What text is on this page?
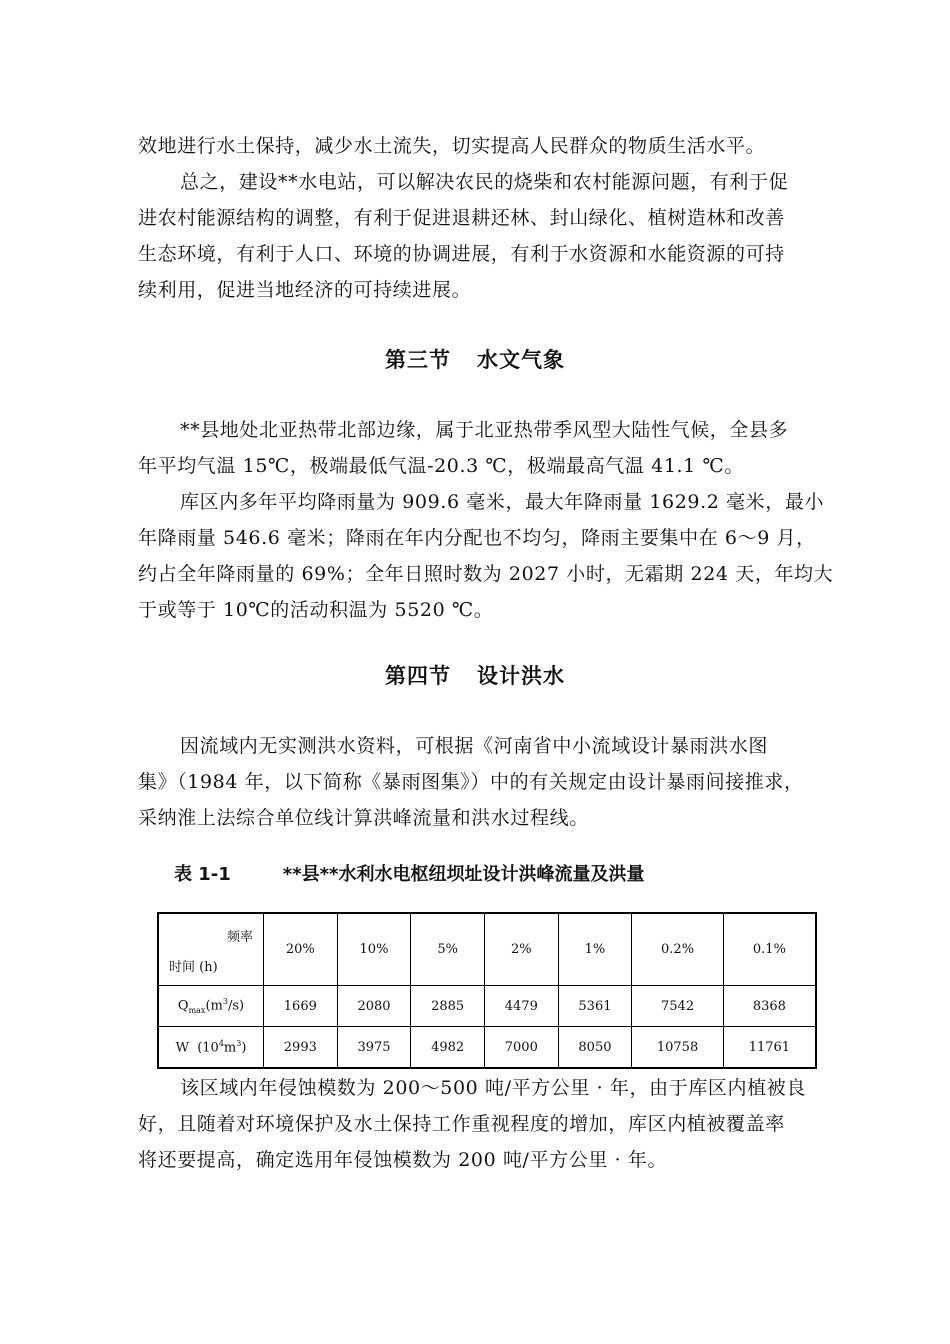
效地进行水土保持，减少水土流失，切实提高人民群众的物质生活水平。
总之，建设**水电站，可以解决农民的烧柴和农村能源问题，有利于促
进农村能源结构的调整，有利于促进退耕还林、封山绿化、植树造林和改善
生态环境，有利于人口、环境的协调进展，有利于水资源和水能资源的可持
续利用，促进当地经济的可持续进展。
第三节 水文气象
**县地处北亚热带北部边缘，属于北亚热带季风型大陆性气候，全县多
年平均气温 15℃，极端最低气温-20.3 ℃，极端最高气温 41.1 ℃。
库区内多年平均降雨量为 909.6 毫米，最大年降雨量 1629.2 毫米，最小
年降雨量 546.6 毫米；降雨在年内分配也不均匀，降雨主要集中在 6～9 月，
约占全年降雨量的 69%；全年日照时数为 2027 小时，无霜期 224 天，年均大
于或等于 10℃的活动积温为 5520 ℃。
第四节 设计洪水
因流域内无实测洪水资料，可根据《河南省中小流域设计暴雨洪水图
集》（1984 年，以下简称《暴雨图集》）中的有关规定由设计暴雨间接推求，
采纳淮上法综合单位线计算洪峰流量和洪水过程线。
表 1-1	**县**水利水电枢纽坝址设计洪峰流量及洪量
频率
时间 (h)	20%	10%	5%	2%	1%	0.2%	0.1%
$Q_{max}(m^3/s)$	1669	2080	2885	4479	5361	7542	8368
W  $(10^4m^3)$	2993	3975	4982	7000	8050	10758	11761
该区域内年侵蚀模数为 200～500 吨/平方公里 · 年，由于库区内植被良
好，且随着对环境保护及水土保持工作重视程度的增加，库区内植被覆盖率
将还要提高，确定选用年侵蚀模数为 200 吨/平方公里 · 年。
